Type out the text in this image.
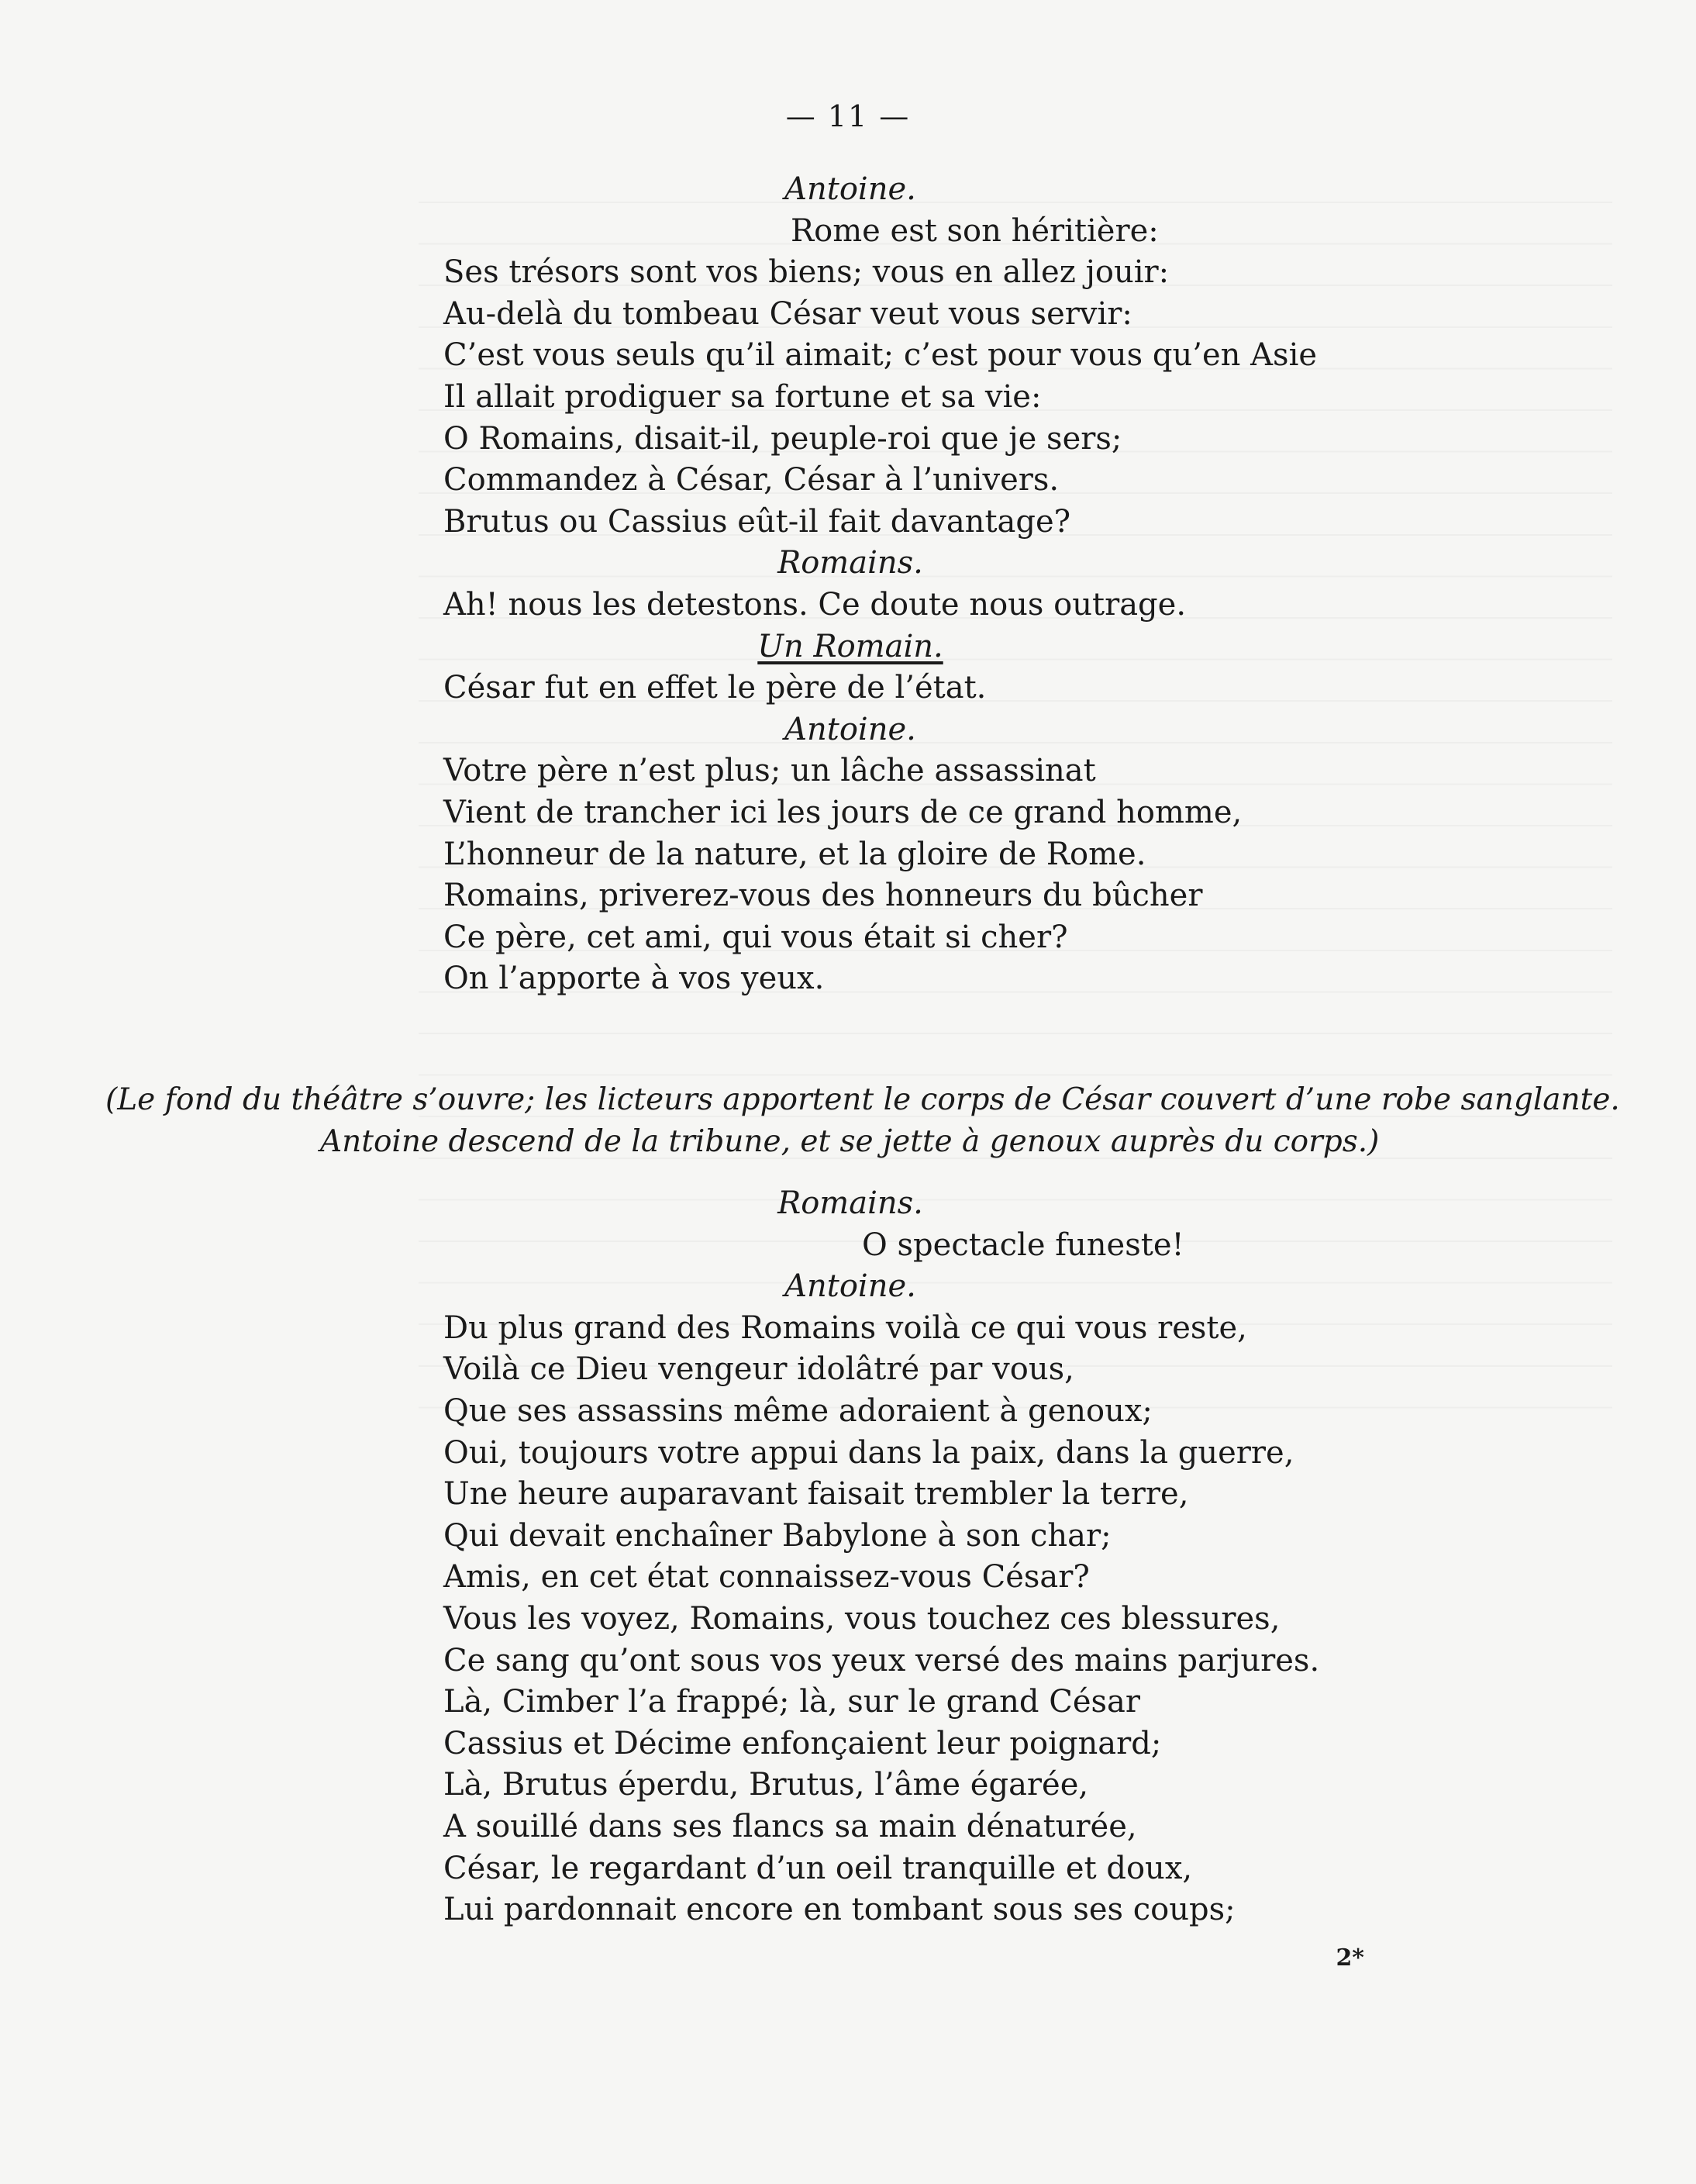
— 11 —
Antoine.
Rome est son héritière:
Ses trésors sont vos biens; vous en allez jouir:
Au-delà du tombeau César veut vous servir:
C’est vous seuls qu’il aimait; c’est pour vous qu’en Asie
Il allait prodiguer sa fortune et sa vie:
O Romains, disait-il, peuple-roi que je sers;
Commandez à César, César à l’univers.
Brutus ou Cassius eût-il fait davantage?
Romains.
Ah! nous les detestons. Ce doute nous outrage.
Un Romain.
César fut en effet le père de l’état.
Antoine.
Votre père n’est plus; un lâche assassinat
Vient de trancher ici les jours de ce grand homme,
L’honneur de la nature, et la gloire de Rome.
Romains, priverez-vous des honneurs du bûcher
Ce père, cet ami, qui vous était si cher?
On l’apporte à vos yeux.
(Le fond du théâtre s’ouvre; les licteurs apportent le corps de César couvert d’une robe sanglante.
Antoine descend de la tribune, et se jette à genoux auprès du corps.)
Romains.
O spectacle funeste!
Antoine.
Du plus grand des Romains voilà ce qui vous reste,
Voilà ce Dieu vengeur idolâtré par vous,
Que ses assassins même adoraient à genoux;
Oui, toujours votre appui dans la paix, dans la guerre,
Une heure auparavant faisait trembler la terre,
Qui devait enchaîner Babylone à son char;
Amis, en cet état connaissez-vous César?
Vous les voyez, Romains, vous touchez ces blessures,
Ce sang qu’ont sous vos yeux versé des mains parjures.
Là, Cimber l’a frappé; là, sur le grand César
Cassius et Décime enfonçaient leur poignard;
Là, Brutus éperdu, Brutus, l’âme égarée,
A souillé dans ses flancs sa main dénaturée,
César, le regardant d’un oeil tranquille et doux,
Lui pardonnait encore en tombant sous ses coups;
2*
